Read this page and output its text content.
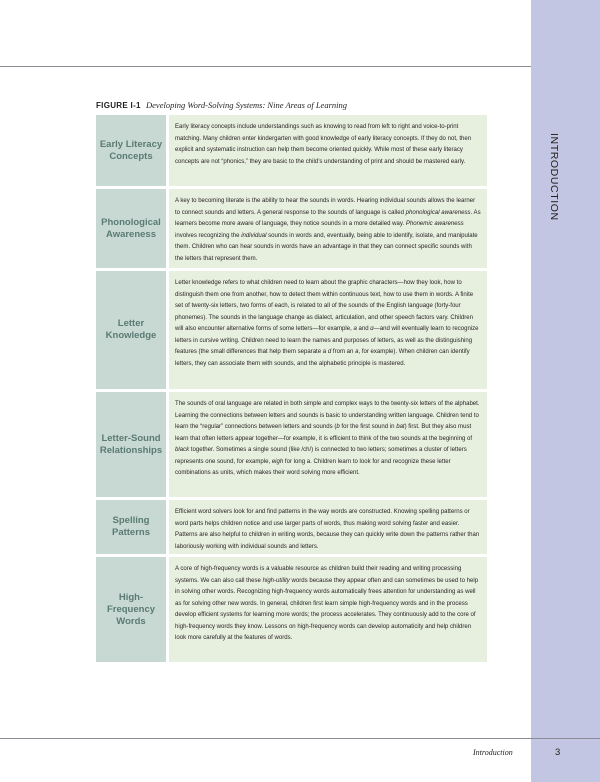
INTRODUCTION
FIGURE I-1 Developing Word-Solving Systems: Nine Areas of Learning
Early Literacy Concepts
Early literacy concepts include understandings such as knowing to read from left to right and voice-to-print matching. Many children enter kindergarten with good knowledge of early literacy concepts. If they do not, then explicit and systematic instruction can help them become oriented quickly. While most of these early literacy concepts are not “phonics,” they are basic to the child’s understanding of print and should be mastered early.
Phonological Awareness
A key to becoming literate is the ability to hear the sounds in words. Hearing individual sounds allows the learner to connect sounds and letters. A general response to the sounds of language is called phonological awareness. As learners become more aware of language, they notice sounds in a more detailed way. Phonemic awareness involves recognizing the individual sounds in words and, eventually, being able to identify, isolate, and manipulate them. Children who can hear sounds in words have an advantage in that they can connect specific sounds with the letters that represent them.
Letter Knowledge
Letter knowledge refers to what children need to learn about the graphic characters—how they look, how to distinguish them one from another, how to detect them within continuous text, how to use them in words. A finite set of twenty-six letters, two forms of each, is related to all of the sounds of the English language (forty-four phonemes). The sounds in the language change as dialect, articulation, and other speech factors vary. Children will also encounter alternative forms of some letters—for example, a and ɑ—and will eventually learn to recognize letters in cursive writing. Children need to learn the names and purposes of letters, as well as the distinguishing features (the small differences that help them separate a d from an a, for example). When children can identify letters, they can associate them with sounds, and the alphabetic principle is mastered.
Letter-Sound Relationships
The sounds of oral language are related in both simple and complex ways to the twenty-six letters of the alphabet. Learning the connections between letters and sounds is basic to understanding written language. Children tend to learn the “regular” connections between letters and sounds (b for the first sound in bat) first. But they also must learn that often letters appear together—for example, it is efficient to think of the two sounds at the beginning of black together. Sometimes a single sound (like /ch/) is connected to two letters; sometimes a cluster of letters represents one sound, for example, eigh for long a. Children learn to look for and recognize these letter combinations as units, which makes their word solving more efficient.
Spelling Patterns
Efficient word solvers look for and find patterns in the way words are constructed. Knowing spelling patterns or word parts helps children notice and use larger parts of words, thus making word solving faster and easier. Patterns are also helpful to children in writing words, because they can quickly write down the patterns rather than laboriously working with individual sounds and letters.
High-Frequency Words
A core of high-frequency words is a valuable resource as children build their reading and writing processing systems. We can also call these high-utility words because they appear often and can sometimes be used to help in solving other words. Recognizing high-frequency words automatically frees attention for understanding as well as for solving other new words. In general, children first learn simple high-frequency words and in the process develop efficient systems for learning more words; the process accelerates. They continuously add to the core of high-frequency words they know. Lessons on high-frequency words can develop automaticity and help children look more carefully at the features of words.
Introduction	3
